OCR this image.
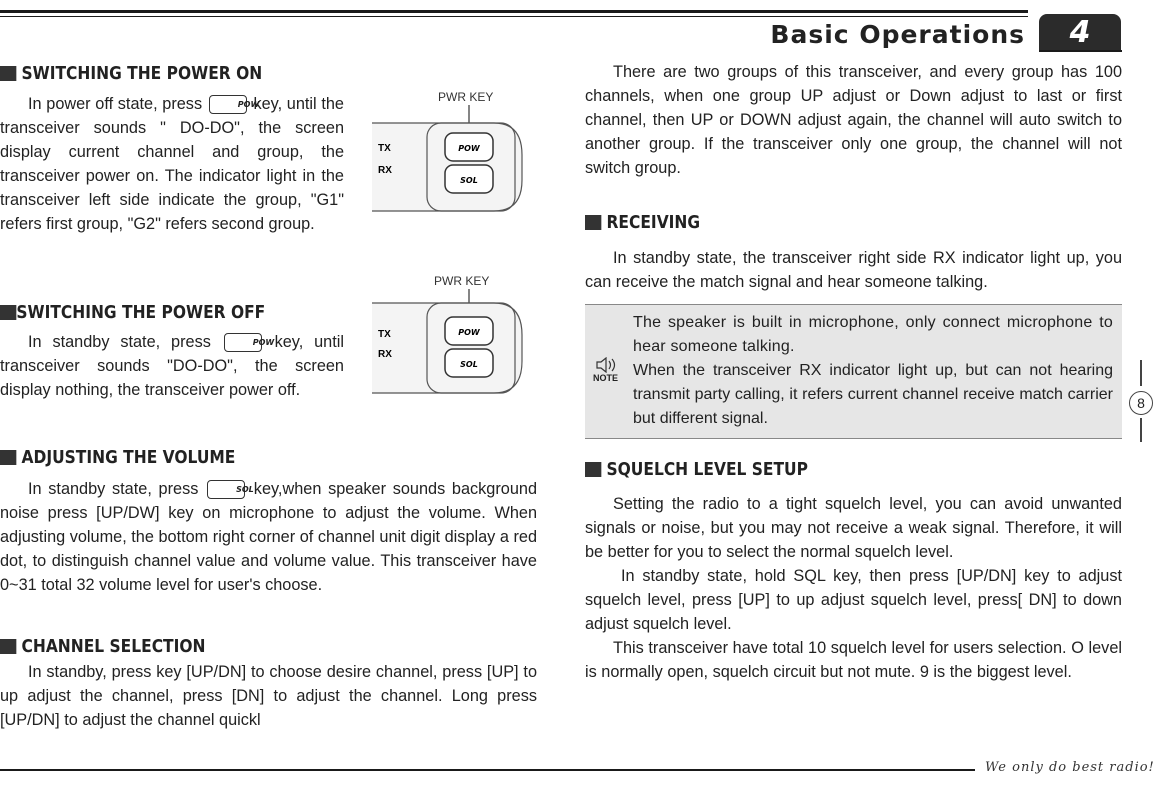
Basic Operations	4
SWITCHING THE POWER ON

In power off state, press	POW key, until the transceiver sounds " DO-DO", the screen display current channel and group, the transceiver power on. The indicator light in the transceiver left side indicate the group, "G1" refers first group, "G2" refers second group.

PWR KEY
TX
RX
POW
SOL
SWITCHING THE POWER OFF

In standby state, press	POW key, until transceiver sounds "DO-DO", the screen display nothing, the transceiver power off.

PWR KEY
TX
RX
POW
SOL
ADJUSTING THE VOLUME

In standby state, press	SOL key,when speaker sounds background noise press [UP/DW] key on microphone to adjust the volume. When adjusting volume, the bottom right corner of channel unit digit display a red dot, to distinguish channel value and volume value. This transceiver have 0~31 total 32 volume level for user's choose.

CHANNEL SELECTION

In standby, press key [UP/DN] to choose desire channel, press [UP] to up adjust the channel, press [DN] to adjust the channel. Long press [UP/DN] to adjust the channel quickl

There are two groups of this transceiver, and every group has 100 channels, when one group UP adjust or Down adjust to last or first channel, then UP or DOWN adjust again, the channel will auto switch to another group. If the transceiver only one group, the channel will not switch group.

RECEIVING

In standby state, the transceiver right side RX indicator light up, you can receive the match signal and hear someone talking.

NOTE

The speaker is built in microphone, only connect microphone to hear someone talking.

When the transceiver RX indicator light up, but can not hearing transmit party calling, it refers current channel receive match carrier but different signal.

SQUELCH LEVEL SETUP

Setting the radio to a tight squelch level, you can avoid unwanted signals or noise, but you may not receive a weak signal. Therefore, it will be better for you to select the normal squelch level.

In standby state, hold SQL key, then press [UP/DN] key to adjust squelch level, press [UP] to up adjust squelch level, press[ DN] to down adjust squelch level.

This transceiver have total 10 squelch level for users selection. O level is normally open, squelch circuit but not mute. 9 is the biggest level.

8
We only do best radio!
